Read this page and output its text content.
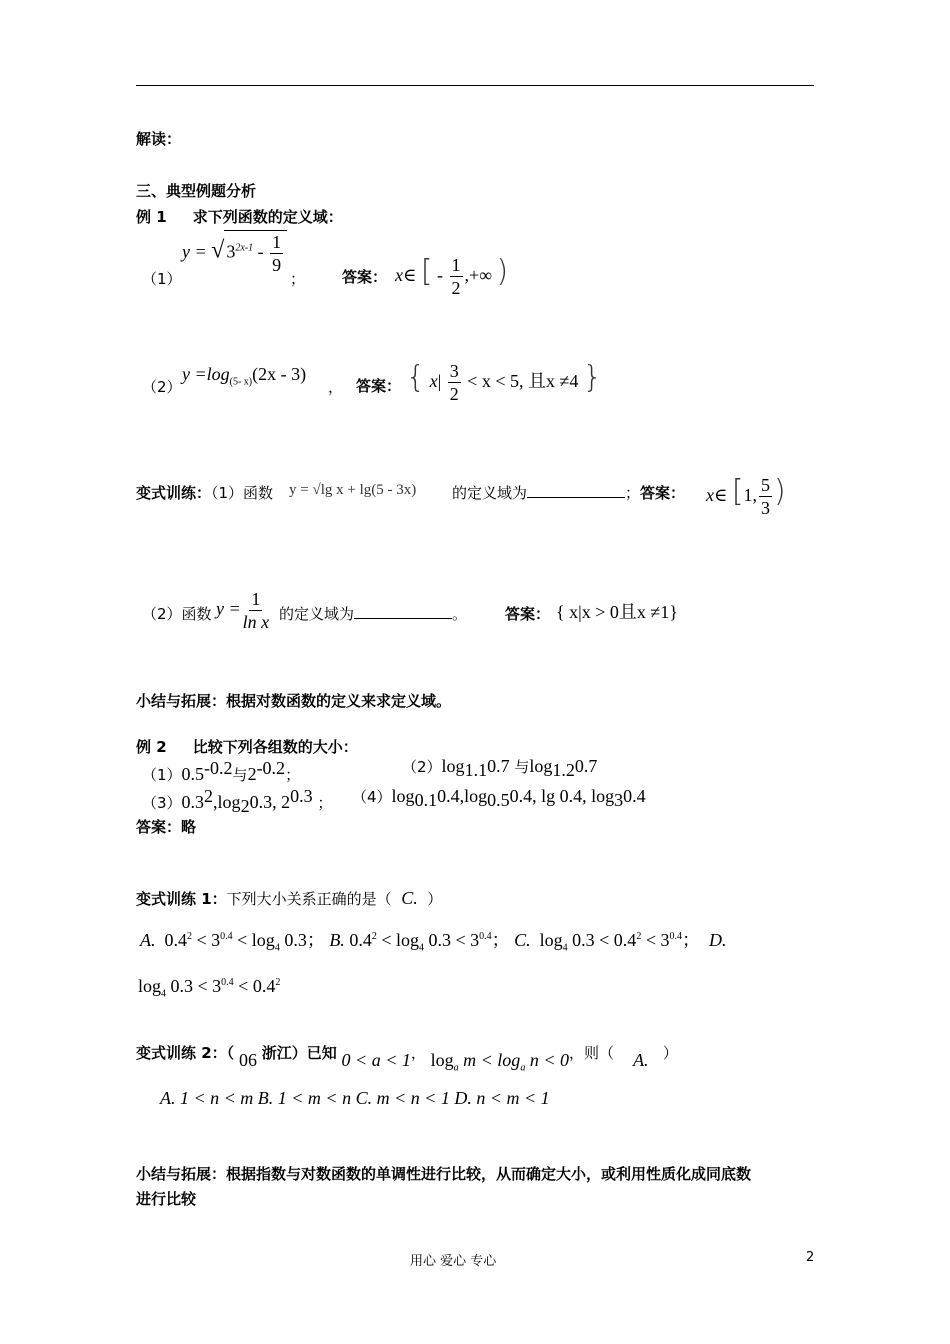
解读：
三、典型例题分析
例 1 求下列函数的定义域：
（1）
y = √ $3^{2x-1} - \frac{1}{9}$
； 答案： x∈ [ - $\frac{1}{2}$ ,+∞ )
（2）
$y =\log_{(5- x)}(2x - 3)$
， 答案： { $x| \frac{3}{2} < x < 5$, 且x ≠4 }
变式训练：（1）函数 y = √lg x + lg(5 - 3x) 的定义域为	；答案： x∈ [1, $\frac{5}{3}$ )
（2）函数 $y = \frac{1}{\text{ln x}}$ 的定义域为	。	答案： { x|x > 0且x ≠1}
小结与拓展：根据对数函数的定义来求定义域。
例 2 比较下列各组数的大小：
$(1)0.5^{-0.2}$与$2^{-0.2}$；	$(2)\log_{1.1}0.7$ 与$\log_{1.2}0.7$
$(3)0.3^2,\log_20.3$, $2^{0.3}$ ； $(4)\log_{0.1}0.4,\log_{0.5}0.4$, lg 0.4, $\log_30.4$
答案：略
变式训练 1：下列大小关系正确的是（ C. ）
A. $0.4^2 < 3^{0.4} < \log_4 0.3$； B. $0.4^2 < \log_4 0.3 < 3^{0.4}$； C. $\log_4 0.3 < 0.4^2 < 3^{0.4}$； D.
$\log_4 0.3 < 3^{0.4} < 0.4^2$
变式训练 2：（ 06 浙江）已知 0 < a < 1， $\log_a m < \log_a n < 0$，则（ A. ）
A. 1 < n < m B. 1 < m < n C. m < n < 1 D. n < m < 1
小结与拓展：根据指数与对数函数的单调性进行比较，从而确定大小，或利用性质化成同底数
进行比较
用心 爱心 专心	2
